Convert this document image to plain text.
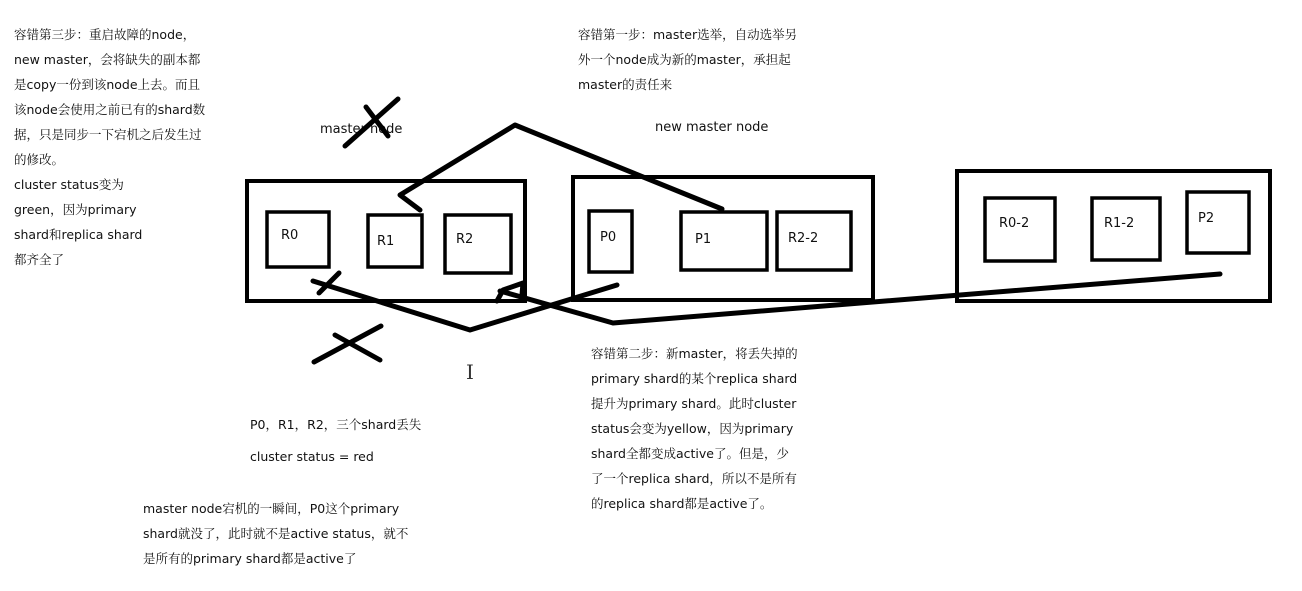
容错第三步：重启故障的node，
new master，会将缺失的副本都
是copy一份到该node上去。而且
该node会使用之前已有的shard数
据，只是同步一下宕机之后发生过
的修改。
cluster status变为
green，因为primary
shard和replica shard
都齐全了
容错第一步：master选举，自动选举另
外一个node成为新的master，承担起
master的责任来
容错第二步：新master，将丢失掉的
primary shard的某个replica shard
提升为primary shard。此时cluster
status会变为yellow，因为primary
shard全都变成active了。但是，少
了一个replica shard，所以不是所有
的replica shard都是active了。
P0，R1，R2，三个shard丢失
cluster status = red
master node宕机的一瞬间，P0这个primary
shard就没了，此时就不是active status，就不
是所有的primary shard都是active了
master node	new master node
R0	R1	R2	P0	P1	R2-2
R0-2	R1-2	P2
I
